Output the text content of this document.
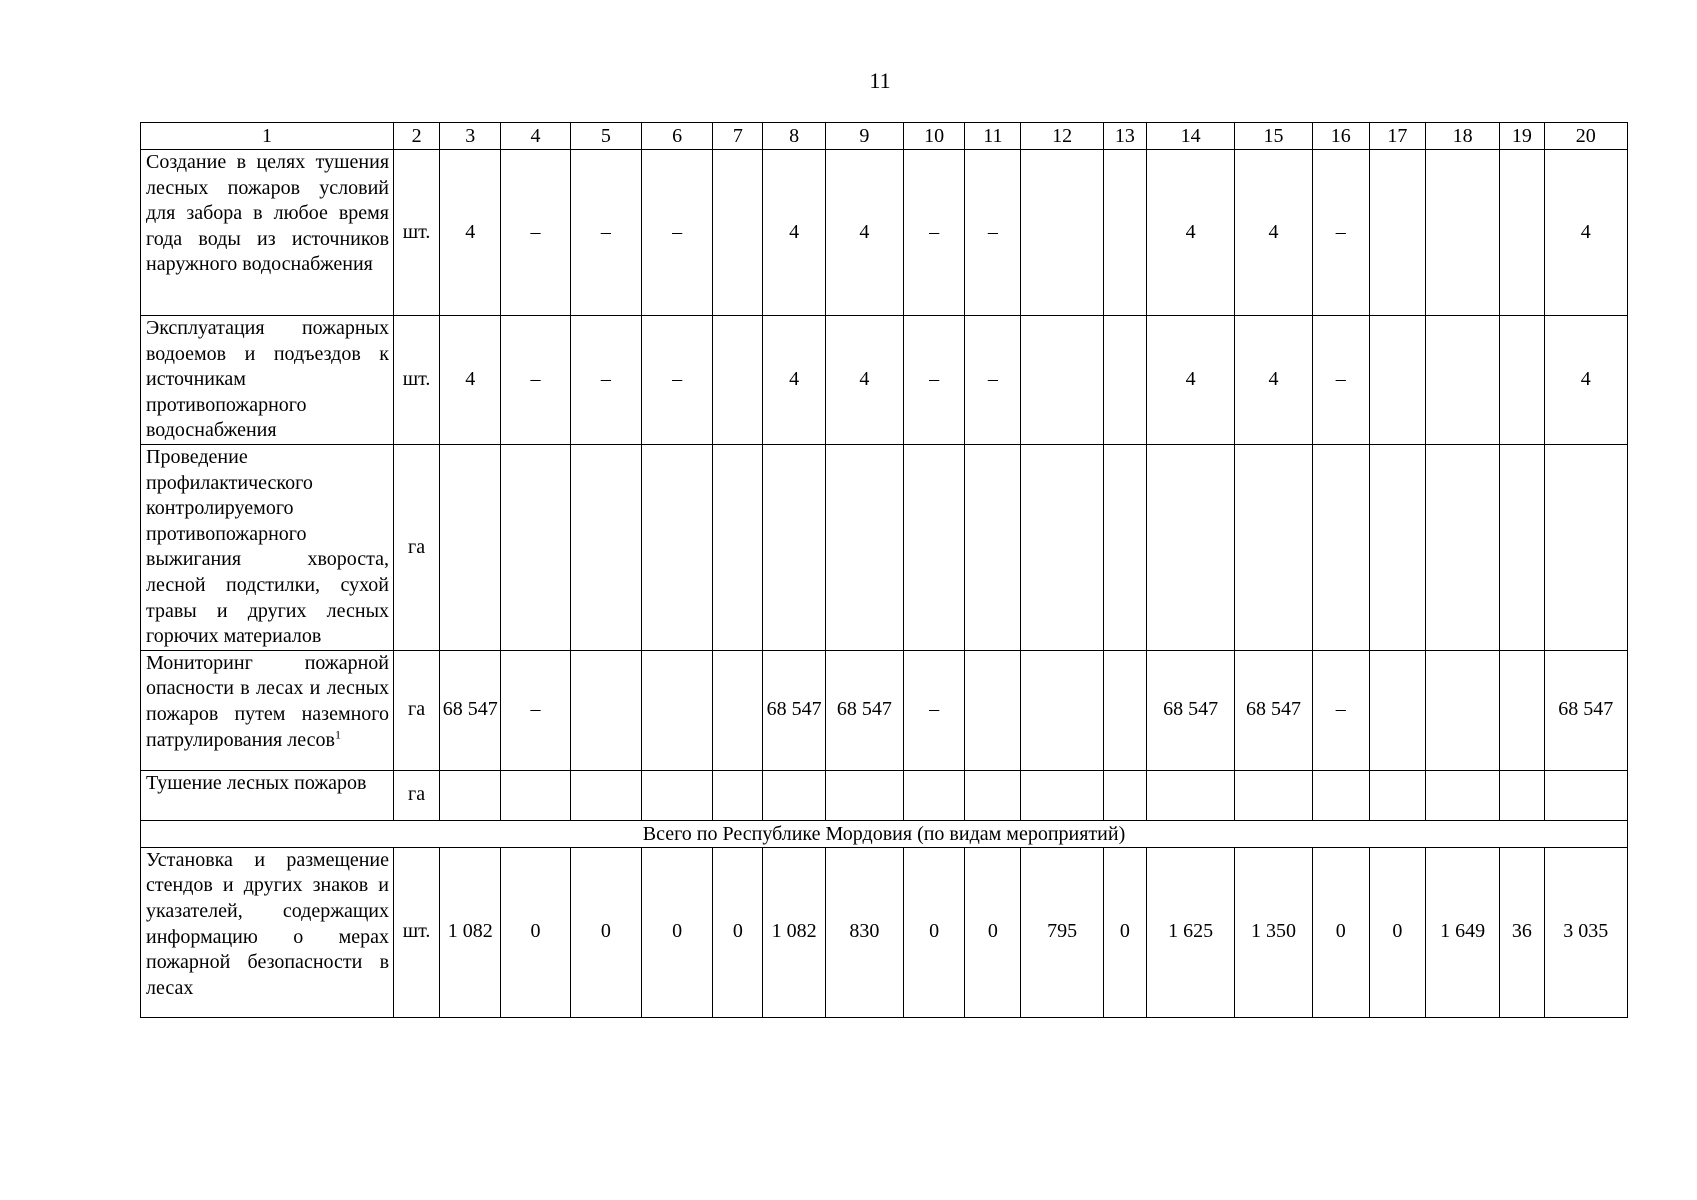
11
1	2	3	4	5	6	7	8	9	10	11	12	13	14	15	16	17	18	19	20
Создание в целях тушения лесных пожаров условий для забора в любое время года воды из источников наружного водоснабжения	шт.	4	–	–	–		4	4	–	–			4	4	–				4
Эксплуатация пожарных водоемов и подъездов к источникам противопожарного водоснабжения	шт.	4	–	–	–		4	4	–	–			4	4	–				4
Проведение профилактического контролируемого противопожарного выжигания хвороста, лесной подстилки, сухой травы и других лесных горючих материалов	га																		
Мониторинг пожарной опасности в лесах и лесных пожаров путем наземного патрулирования лесов$^1$	га	68 547	–				68 547	68 547	–				68 547	68 547	–				68 547
Тушение лесных пожаров	га																		
Всего по Республике Мордовия (по видам мероприятий)																			
Установка и размещение стендов и других знаков и указателей, содержащих информацию о мерах пожарной безопасности в лесах	шт.	1 082	0	0	0	0	1 082	830	0	0	795	0	1 625	1 350	0	0	1 649	36	3 035
